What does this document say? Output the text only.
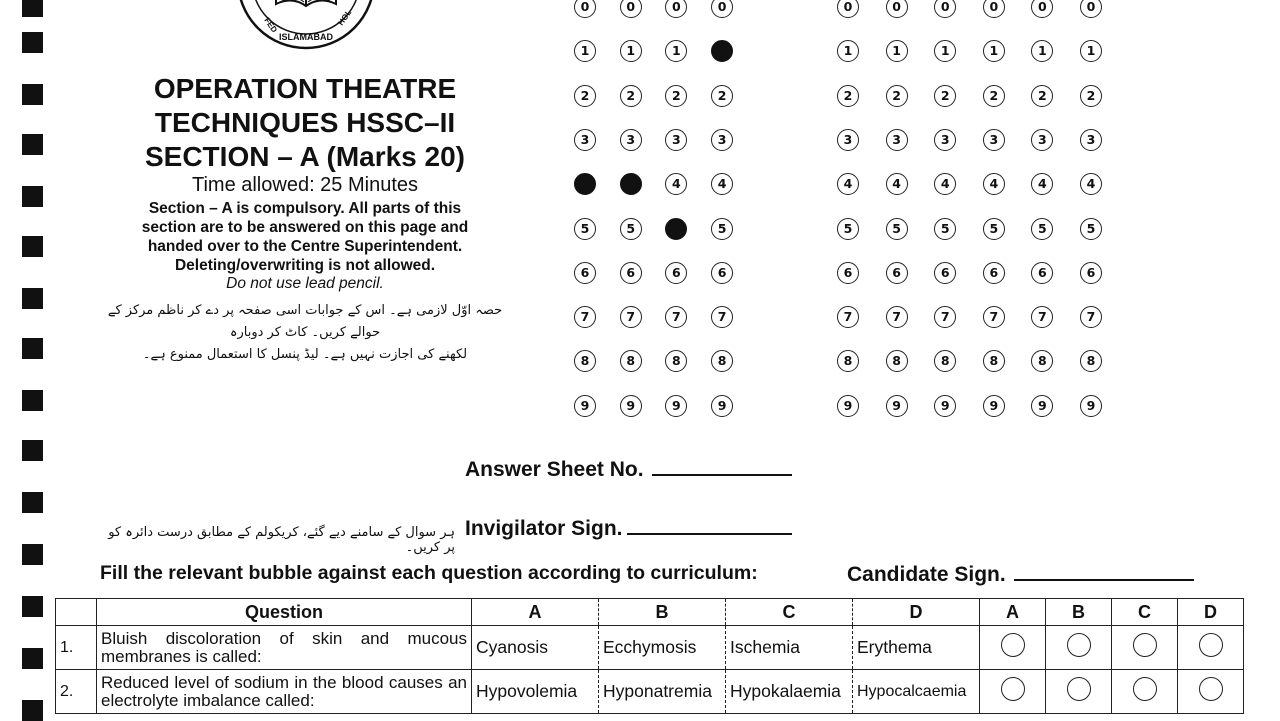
ISLAMABAD
FED	HOL
OPERATION THEATRE
TECHNIQUES HSSC–II
SECTION – A (Marks 20)
Time allowed: 25 Minutes
Section – A is compulsory. All parts of this
section are to be answered on this page and
handed over to the Centre Superintendent.
Deleting/overwriting is not allowed.
Do not use lead pencil.
حصہ اوّل لازمی ہے۔ اس کے جوابات اسی صفحہ پر دے کر ناظم مرکز کے حوالے کریں۔ کاٹ کر دوبارہ
لکھنے کی اجازت نہیں ہے۔ لیڈ پنسل کا استعمال ممنوع ہے۔
0
1
2
3
5
6
7
8
9
0
1
2
3
5
6
7
8
9
0
1
2
3
4
6
7
8
9
0
2
3
4
5
6
7
8
9
0
1
2
3
4
5
6
7
8
9
0
1
2
3
4
5
6
7
8
9
0
1
2
3
4
5
6
7
8
9
0
1
2
3
4
5
6
7
8
9
0
1
2
3
4
5
6
7
8
9
0
1
2
3
4
5
6
7
8
9
Answer Sheet No.
ہر سوال کے سامنے دیے گئے، کریکولم کے مطابق درست دائرہ کو پر کریں۔
Invigilator Sign.
Fill the relevant bubble against each question according to curriculum:	Candidate Sign.
	Question	A	B	C	D	A	B	C	D
1.	Bluish discoloration of skin and mucous membranes is called:	Cyanosis	Ecchymosis	Ischemia	Erythema				
2.	Reduced level of sodium in the blood causes an electrolyte imbalance called:	Hypovolemia	Hyponatremia	Hypokalaemia	Hypocalcaemia				
